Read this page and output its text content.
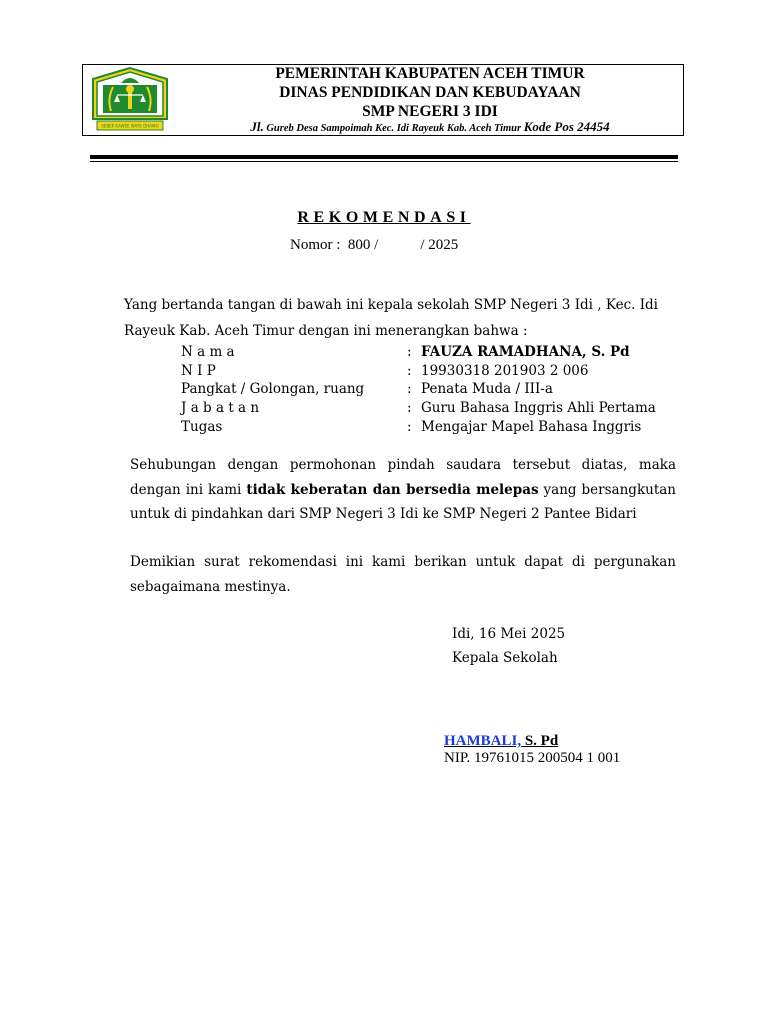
SEBEP KAWEE WATE DHAMO
PEMERINTAH KABUPATEN ACEH TIMUR
DINAS PENDIDIKAN DAN KEBUDAYAAN
SMP NEGERI 3 IDI
Jl. Gureb Desa Sampoimah Kec. Idi Rayeuk Kab. Aceh Timur Kode Pos 24454
REKOMENDASI
Nomor : 800 /	/ 2025
Yang bertanda tangan di bawah ini kepala sekolah SMP Negeri 3 Idi , Kec. Idi Rayeuk Kab. Aceh Timur dengan ini menerangkan bahwa :
N a m a	: FAUZA RAMADHANA, S. Pd
N I P	: 19930318 201903 2 006
Pangkat / Golongan, ruang	: Penata Muda / III-a
J a b a t a n	: Guru Bahasa Inggris Ahli Pertama
Tugas	: Mengajar Mapel Bahasa Inggris
Sehubungan dengan permohonan pindah saudara tersebut diatas, maka dengan ini kami tidak keberatan dan bersedia melepas yang bersangkutan untuk di pindahkan dari SMP Negeri 3 Idi ke SMP Negeri 2 Pantee Bidari
Demikian surat rekomendasi ini kami berikan untuk dapat di pergunakan sebagaimana mestinya.
Idi, 16 Mei 2025
Kepala Sekolah
HAMBALI, S. Pd
NIP. 19761015 200504 1 001
